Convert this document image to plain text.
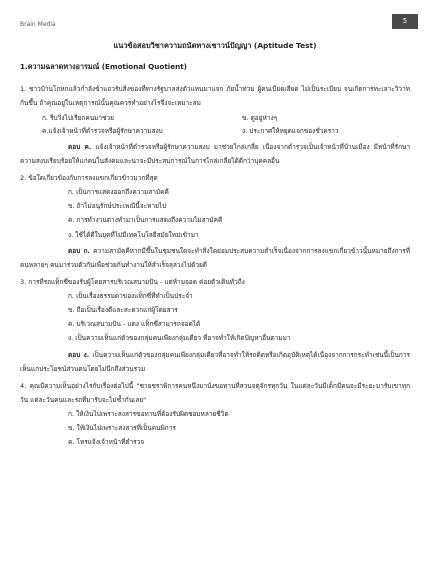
Brain Media	5
แนวข้อสอบวิชาความถนัดทางเชาวน์ปัญญา (Aptitude Test)
1.ความฉลาดทางอารมณ์ (Emotional Quotient)

1. ชาวบ้านโกหกแล้วกำลังข้าแถวรับสิ่งของที่ทางรัฐบาลส่งตัวแทนมาแจก ภัยน้ำท่วม ผู้คนเบียดเสียด ไม่เป็นระเบียบ จนเกิดการทะเลาะวิวาทกันขึ้น ถ้าคุณอยู่ในเหตุการณ์นั้นคุณควรทำอย่างไรจึงจะเหมาะสม

ก. รีบวิ่งไปเรียกคนมาช่วย	ข. ดูอยู่ห่างๆ
ค.แจ้งเจ้าหน้าที่ตำรวจหรือผู้รักษาความสงบ	ง. ประกาศให้หยุดแจกของชั่วคราว

ตอบ ค. แจ้งเจ้าหน้าที่ตำรวจหรือผู้รักษาความสงบ มาช่วยไกล่เกลี่ย เนื่องจากตำรวจเป็นเจ้าหน้าที่บ้านเมือง มีหน้าที่รักษาความสงบเรียบร้อยให้แก่คนในสังคมและน่าจะมีประสบการณ์ในการไกล่เกลี่ยได้ดีกว่าบุคคลอื่น

2. ข้อใดเกี่ยวข้องกับการลงแขกเกี่ยวข้าวมากที่สุด

ก. เป็นการแสดงออกถึงความสามัคคี
ข. ถ้าไม่อนุรักษ์ประเพณีนี้จะหายไป
ค. การทำงานต่างทำมาเป็นการแสดงถึงความไม่สามัคคี
ง. ใช้ได้ดีในยุคที่ไม่มีเทคโนโลยีสมัยใหม่เข้ามา

ตอบ ก. ความสามัคคีหากมีขึ้นในชุมชนใดจะทำสิ่งใดย่อมประสบความสำเร็จเนื่องจากการลงแขกเกี่ยวข้าวนั้นหมายถึงการที่คนหลายๆ คนมาร่วมตัวกันเพื่อช่วยกันทำงานให้สำเร็จลุล่วงไปด้วยดี

3. การที่รถแท็กซี่ของรับผู้โดยสารบริเวณสนามบิน - แต่ห้ามจอด ค่อยตัวเดินทั่วถีง

ก. เป็นเรื่องธรรมดาของแท็กซี่ที่ทำเป็นประจำ
ข. ถือเป็นเรื่องดีและสะดวกแก่ผู้โดยสาร
ค. บริเวณสนามบิน - แดง แท็กซี่สามารถจอดได้
ง. เป็นความเห็นแก่ตัวของกลุ่มคนเพียงกลุ่มเดียว ที่อาจทำให้เกิดปัญหาอื่นตามมา

ตอบ ง. เป็นความเห็นแก่ตัวของกลุ่มคนเพียงกลุ่มเดียวที่อาจทำให้รถติดหรือเกิดอุบัติเหตุได้เนื่องจากการกระทำเช่นนี้เป็นการเห็นแก่ประโยชน์ส่วนตนโดยไม่นึกถึงส่วนรวม

4. คุณมีความเห็นอย่างไรกับเรื่องต่อไปนี้ "ชายชราพิการคนหนึ่งมานั่งขอทานที่สวนจตุจักรทุกวัน ในแต่ละวันมีเด็กมีคนจะมีระยะมารับเขาทุกวัน แต่ละวันคนและรถที่มารับจะไม่ซ้ำกันเลย"

ก. ให้เงินไปเพราะสงสารขอทานที่ต้องรับผิดชอบหลายชีวิต
ข. ให้เงินไปเพราะสงสารที่เป็นคนพิการ
ค. โทรแจ้งเจ้าหน้าที่ตำรวจ
